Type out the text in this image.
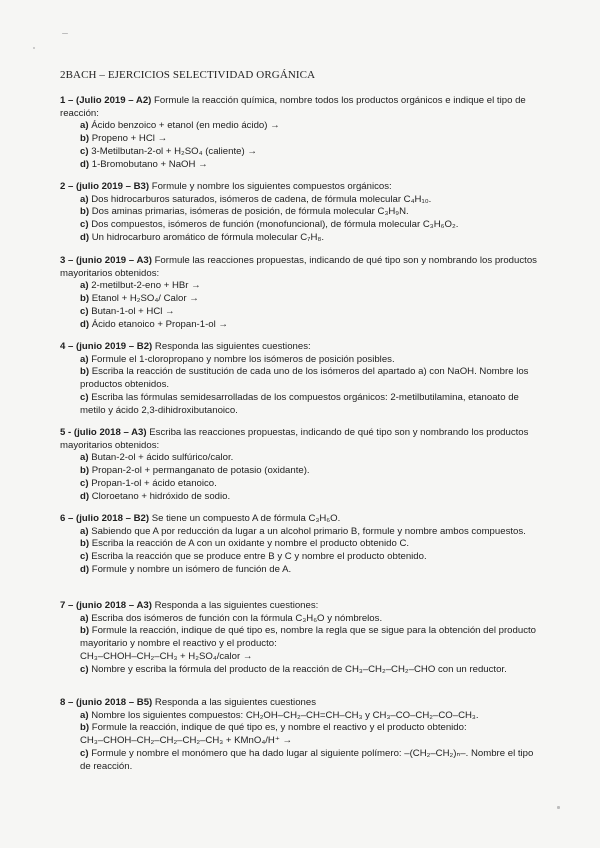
2BACH – EJERCICIOS SELECTIVIDAD ORGÁNICA

1 – (Julio 2019 – A2) Formule la reacción química, nombre todos los productos orgánicos e indique el tipo de reacción:

a) Ácido benzoico + etanol (en medio ácido) →

b) Propeno + HCl →

c) 3-Metilbutan-2-ol + H₂SO₄ (caliente) →

d) 1-Bromobutano + NaOH →

2 – (julio 2019 – B3) Formule y nombre los siguientes compuestos orgánicos:

a) Dos hidrocarburos saturados, isómeros de cadena, de fórmula molecular C₄H₁₀.

b) Dos aminas primarias, isómeras de posición, de fórmula molecular C₃H₉N.

c) Dos compuestos, isómeros de función (monofuncional), de fórmula molecular C₃H₆O₂.

d) Un hidrocarburo aromático de fórmula molecular C₇H₈.

3 – (junio 2019 – A3) Formule las reacciones propuestas, indicando de qué tipo son y nombrando los productos mayoritarios obtenidos:

a) 2-metilbut-2-eno + HBr →

b) Etanol + H₂SO₄/ Calor →

c) Butan-1-ol + HCl →

d) Ácido etanoico + Propan-1-ol →

4 – (junio 2019 – B2) Responda las siguientes cuestiones:

a) Formule el 1-cloropropano y nombre los isómeros de posición posibles.

b) Escriba la reacción de sustitución de cada uno de los isómeros del apartado a) con NaOH. Nombre los productos obtenidos.

c) Escriba las fórmulas semidesarrolladas de los compuestos orgánicos: 2-metilbutilamina, etanoato de metilo y ácido 2,3-dihidroxibutanoico.

5 - (julio 2018 – A3) Escriba las reacciones propuestas, indicando de qué tipo son y nombrando los productos mayoritarios obtenidos:

a) Butan-2-ol + ácido sulfúrico/calor.

b) Propan-2-ol + permanganato de potasio (oxidante).

c) Propan-1-ol + ácido etanoico.

d) Cloroetano + hidróxido de sodio.

6 – (julio 2018 – B2) Se tiene un compuesto A de fórmula C₃H₆O.

a) Sabiendo que A por reducción da lugar a un alcohol primario B, formule y nombre ambos compuestos.

b) Escriba la reacción de A con un oxidante y nombre el producto obtenido C.

c) Escriba la reacción que se produce entre B y C y nombre el producto obtenido.

d) Formule y nombre un isómero de función de A.

7 – (junio 2018 – A3) Responda a las siguientes cuestiones:

a) Escriba dos isómeros de función con la fórmula C₃H₆O y nómbrelos.

b) Formule la reacción, indique de qué tipo es, nombre la regla que se sigue para la obtención del producto mayoritario y nombre el reactivo y el producto:

CH₃–CHOH–CH₂–CH₃ + H₂SO₄/calor →

c) Nombre y escriba la fórmula del producto de la reacción de CH₃–CH₂–CH₂–CHO con un reductor.

8 – (junio 2018 – B5) Responda a las siguientes cuestiones

a) Nombre los siguientes compuestos: CH₂OH–CH₂–CH=CH–CH₃ y CH₃–CO–CH₂–CO–CH₃.

b) Formule la reacción, indique de qué tipo es, y nombre el reactivo y el producto obtenido:

CH₃–CHOH–CH₂–CH₂–CH₂–CH₃ + KMnO₄/H⁺ →

c) Formule y nombre el monómero que ha dado lugar al siguiente polímero: –(CH₂–CH₂)ₙ–. Nombre el tipo de reacción.
